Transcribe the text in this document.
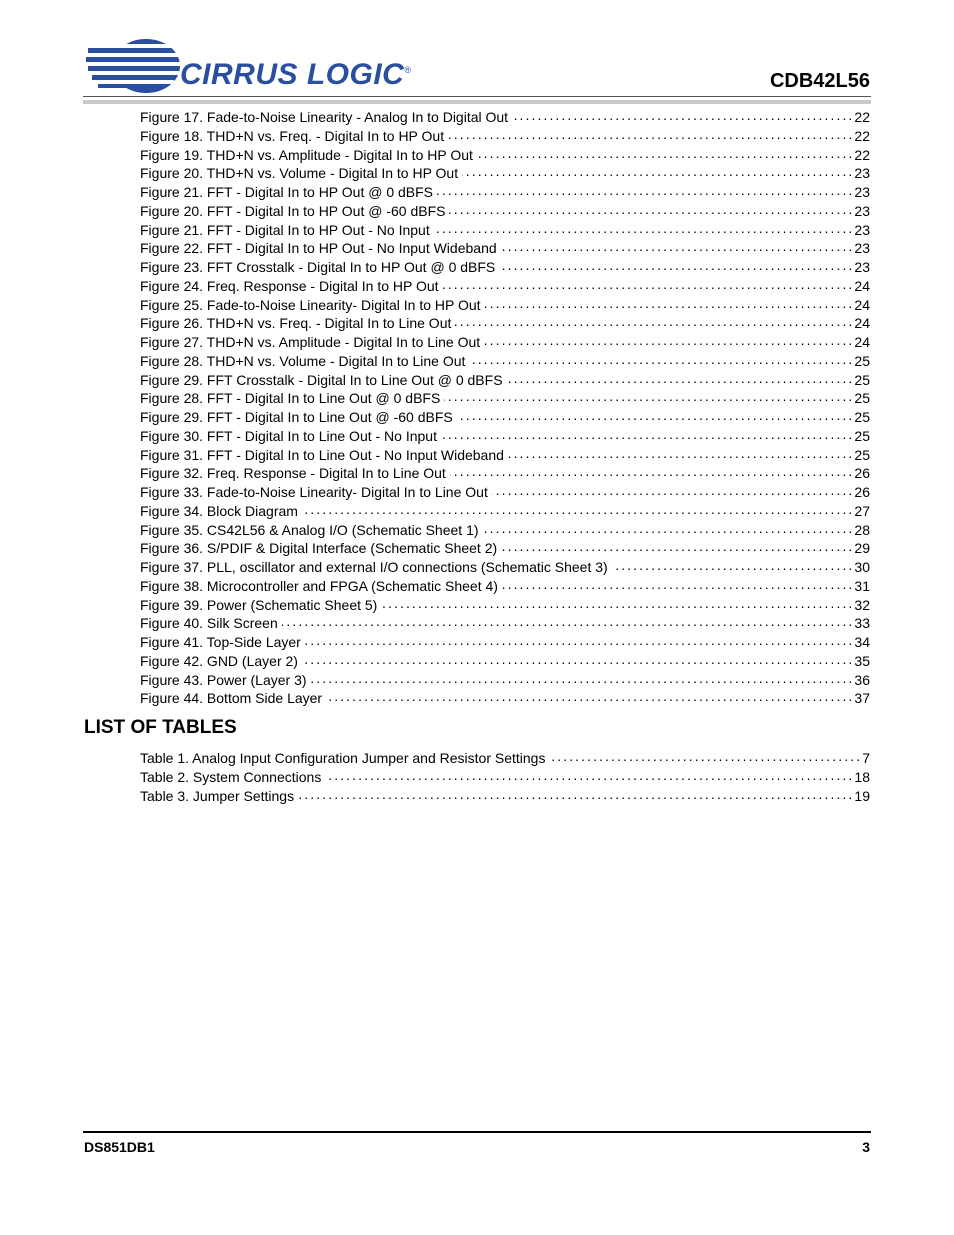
CIRRUS LOGIC®	CDB42L56
Figure 17. Fade-to-Noise Linearity - Analog In to Digital Out . . .	22
Figure 18. THD+N vs. Freq. - Digital In to HP Out . . .	22
Figure 19. THD+N vs. Amplitude - Digital In to HP Out . . .	22
Figure 20. THD+N vs. Volume - Digital In to HP Out . . .	23
Figure 21. FFT - Digital In to HP Out @ 0 dBFS . . .	23
Figure 20. FFT - Digital In to HP Out @ -60 dBFS . . .	23
Figure 21. FFT - Digital In to HP Out - No Input . . .	23
Figure 22. FFT - Digital In to HP Out - No Input Wideband . . .	23
Figure 23. FFT Crosstalk - Digital In to HP Out @ 0 dBFS . . .	23
Figure 24. Freq. Response - Digital In to HP Out . . .	24
Figure 25. Fade-to-Noise Linearity- Digital In to HP Out . . .	24
Figure 26. THD+N vs. Freq. - Digital In to Line Out . . .	24
Figure 27. THD+N vs. Amplitude - Digital In to Line Out . . .	24
Figure 28. THD+N vs. Volume - Digital In to Line Out . . .	25
Figure 29. FFT Crosstalk - Digital In to Line Out @ 0 dBFS . . .	25
Figure 28. FFT - Digital In to Line Out @ 0 dBFS . . .	25
Figure 29. FFT - Digital In to Line Out @ -60 dBFS . . .	25
Figure 30. FFT - Digital In to Line Out - No Input . . .	25
Figure 31. FFT - Digital In to Line Out - No Input Wideband . . .	25
Figure 32. Freq. Response - Digital In to Line Out . . .	26
Figure 33. Fade-to-Noise Linearity- Digital In to Line Out . . .	26
Figure 34. Block Diagram . . .	27
Figure 35. CS42L56 & Analog I/O (Schematic Sheet 1) . . .	28
Figure 36. S/PDIF & Digital Interface (Schematic Sheet 2) . . .	29
Figure 37. PLL, oscillator and external I/O connections (Schematic Sheet 3) . . .	30
Figure 38. Microcontroller and FPGA (Schematic Sheet 4) . . .	31
Figure 39. Power (Schematic Sheet 5) . . .	32
Figure 40. Silk Screen . . .	33
Figure 41. Top-Side Layer . . .	34
Figure 42. GND (Layer 2) . . .	35
Figure 43. Power (Layer 3) . . .	36
Figure 44. Bottom Side Layer . . .	37
LIST OF TABLES
Table 1. Analog Input Configuration Jumper and Resistor Settings . . .	7
Table 2. System Connections . . .	18
Table 3. Jumper Settings . . .	19
DS851DB1	3
